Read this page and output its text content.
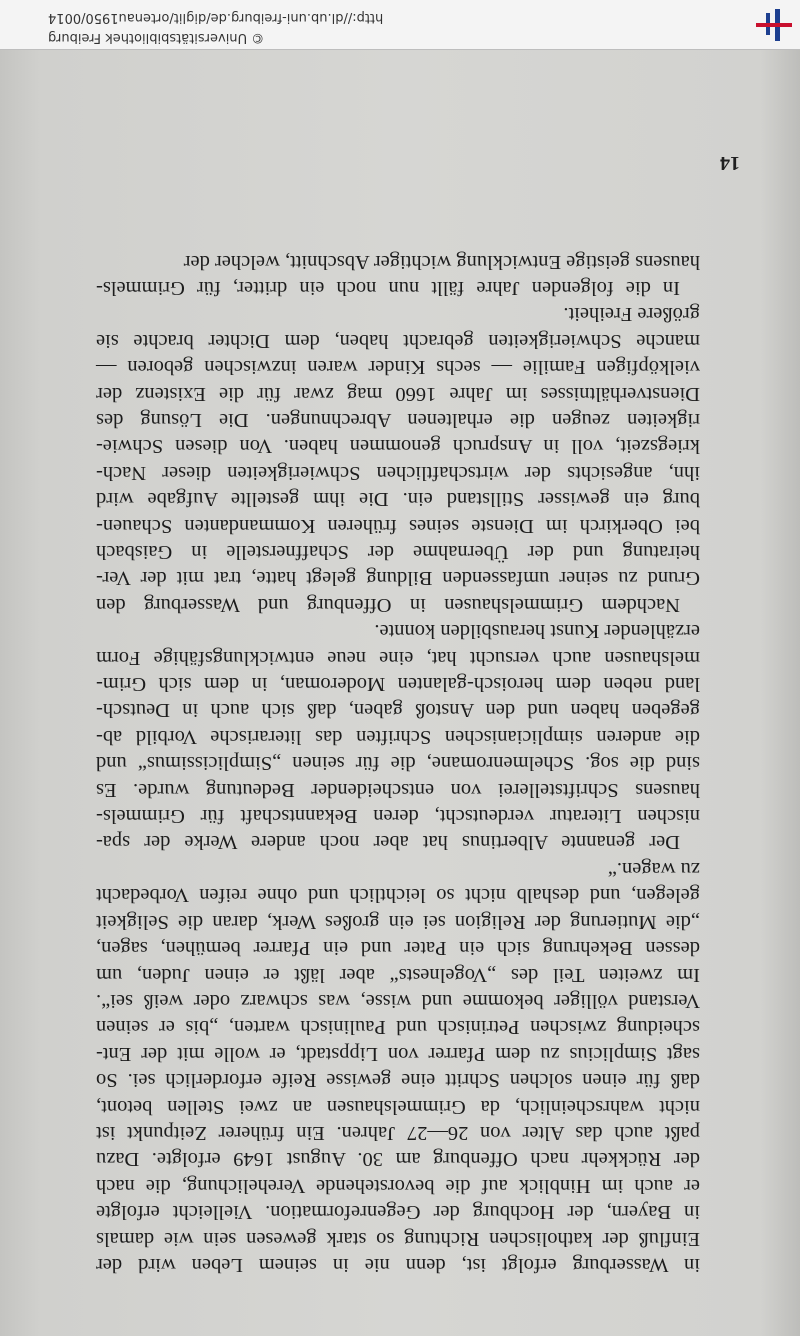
in Wasserburg erfolgt ist, denn nie in seinem Leben wird der
Einfluß der katholischen Richtung so stark gewesen sein wie damals
in Bayern, der Hochburg der Gegenreformation. Vielleicht erfolgte
er auch im Hinblick auf die bevorstehende Verehelichung, die nach
der Rückkehr nach Offenburg am 30. August 1649 erfolgte. Dazu
paßt auch das Alter von 26—27 Jahren. Ein früherer Zeitpunkt ist
nicht wahrscheinlich, da Grimmelshausen an zwei Stellen betont,
daß für einen solchen Schritt eine gewisse Reife erforderlich sei. So
sagt Simplicius zu dem Pfarrer von Lippstadt, er wolle mit der Ent-
scheidung zwischen Petrinisch und Paulinisch warten, „bis er seinen
Verstand völliger bekomme und wisse, was schwarz oder weiß sei“.
Im zweiten Teil des „Vogelnests“ aber läßt er einen Juden, um
dessen Bekehrung sich ein Pater und ein Pfarrer bemühen, sagen,
„die Mutierung der Religion sei ein großes Werk, daran die Seligkeit
gelegen, und deshalb nicht so leichtlich und ohne reifen Vorbedacht
zu wagen.“
Der genannte Albertinus hat aber noch andere Werke der spa-
nischen Literatur verdeutscht, deren Bekanntschaft für Grimmels-
hausens Schriftstellerei von entscheidender Bedeutung wurde. Es
sind die sog. Schelmenromane, die für seinen „Simplicissimus“ und
die anderen simplicianischen Schriften das literarische Vorbild ab-
gegeben haben und den Anstoß gaben, daß sich auch in Deutsch-
land neben dem heroisch-galanten Moderoman, in dem sich Grim-
melshausen auch versucht hat, eine neue entwicklungsfähige Form
erzählender Kunst herausbilden konnte.
Nachdem Grimmelshausen in Offenburg und Wasserburg den
Grund zu seiner umfassenden Bildung gelegt hatte, trat mit der Ver-
heiratung und der Übernahme der Schaffnerstelle in Gaisbach
bei Oberkirch im Dienste seines früheren Kommandanten Schauen-
burg ein gewisser Stillstand ein. Die ihm gestellte Aufgabe wird
ihn, angesichts der wirtschaftlichen Schwierigkeiten dieser Nach-
kriegszeit, voll in Anspruch genommen haben. Von diesen Schwie-
rigkeiten zeugen die erhaltenen Abrechnungen. Die Lösung des
Dienstverhältnisses im Jahre 1660 mag zwar für die Existenz der
vielköpfigen Familie — sechs Kinder waren inzwischen geboren —
manche Schwierigkeiten gebracht haben, dem Dichter brachte sie
größere Freiheit.
In die folgenden Jahre fällt nun noch ein dritter, für Grimmels-
hausens geistige Entwicklung wichtiger Abschnitt, welcher der
14
© Universitätsbibliothek Freiburg
http://dl.ub.uni-freiburg.de/diglit/ortenau1950/0014
